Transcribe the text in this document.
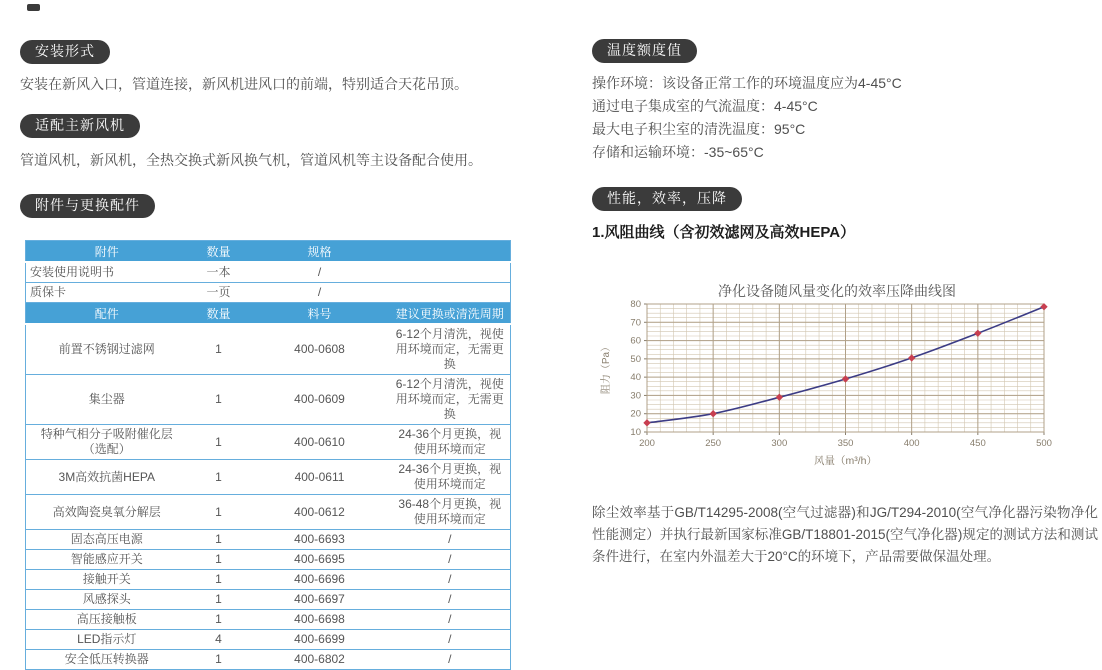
安装形式
安装在新风入口，管道连接，新风机进风口的前端，特别适合天花吊顶。
适配主新风机
管道风机，新风机，全热交换式新风换气机，管道风机等主设备配合使用。
附件与更换配件
附件	数量	规格	
安装使用说明书	一本	/	
质保卡	一页	/	
配件	数量	料号	建议更换或清洗周期
前置不锈钢过滤网	1	400-0608	6-12个月清洗，视使用环境而定，无需更换
集尘器	1	400-0609	6-12个月清洗，视使用环境而定，无需更换
特种气相分子吸附催化层（选配）	1	400-0610	24-36个月更换，视使用环境而定
3M高效抗菌HEPA	1	400-0611	24-36个月更换，视使用环境而定
高效陶瓷臭氧分解层	1	400-0612	36-48个月更换，视使用环境而定
固态高压电源	1	400-6693	/
智能感应开关	1	400-6695	/
接触开关	1	400-6696	/
风感探头	1	400-6697	/
高压接触板	1	400-6698	/
LED指示灯	4	400-6699	/
安全低压转换器	1	400-6802	/
温度额度值
操作环境：该设备正常工作的环境温度应为4-45°C
通过电子集成室的气流温度：4-45°C
最大电子积尘室的清洗温度：95°C
存储和运输环境：-35~65°C
性能，效率，压降
1.风阻曲线（含初效滤网及高效HEPA）
净化设备随风量变化的效率压降曲线图
200	250	300	350	400	450	500
10
20
30
40
50
60
70
80
阻力（Pa）
风量（m³/h）
除尘效率基于GB/T14295-2008(空气过滤器)和JG/T294-2010(空气净化器污染物净化性能测定）并执行最新国家标准GB/T18801-2015(空气净化器)规定的测试方法和测试条件进行，在室内外温差大于20°C的环境下，产品需要做保温处理。
